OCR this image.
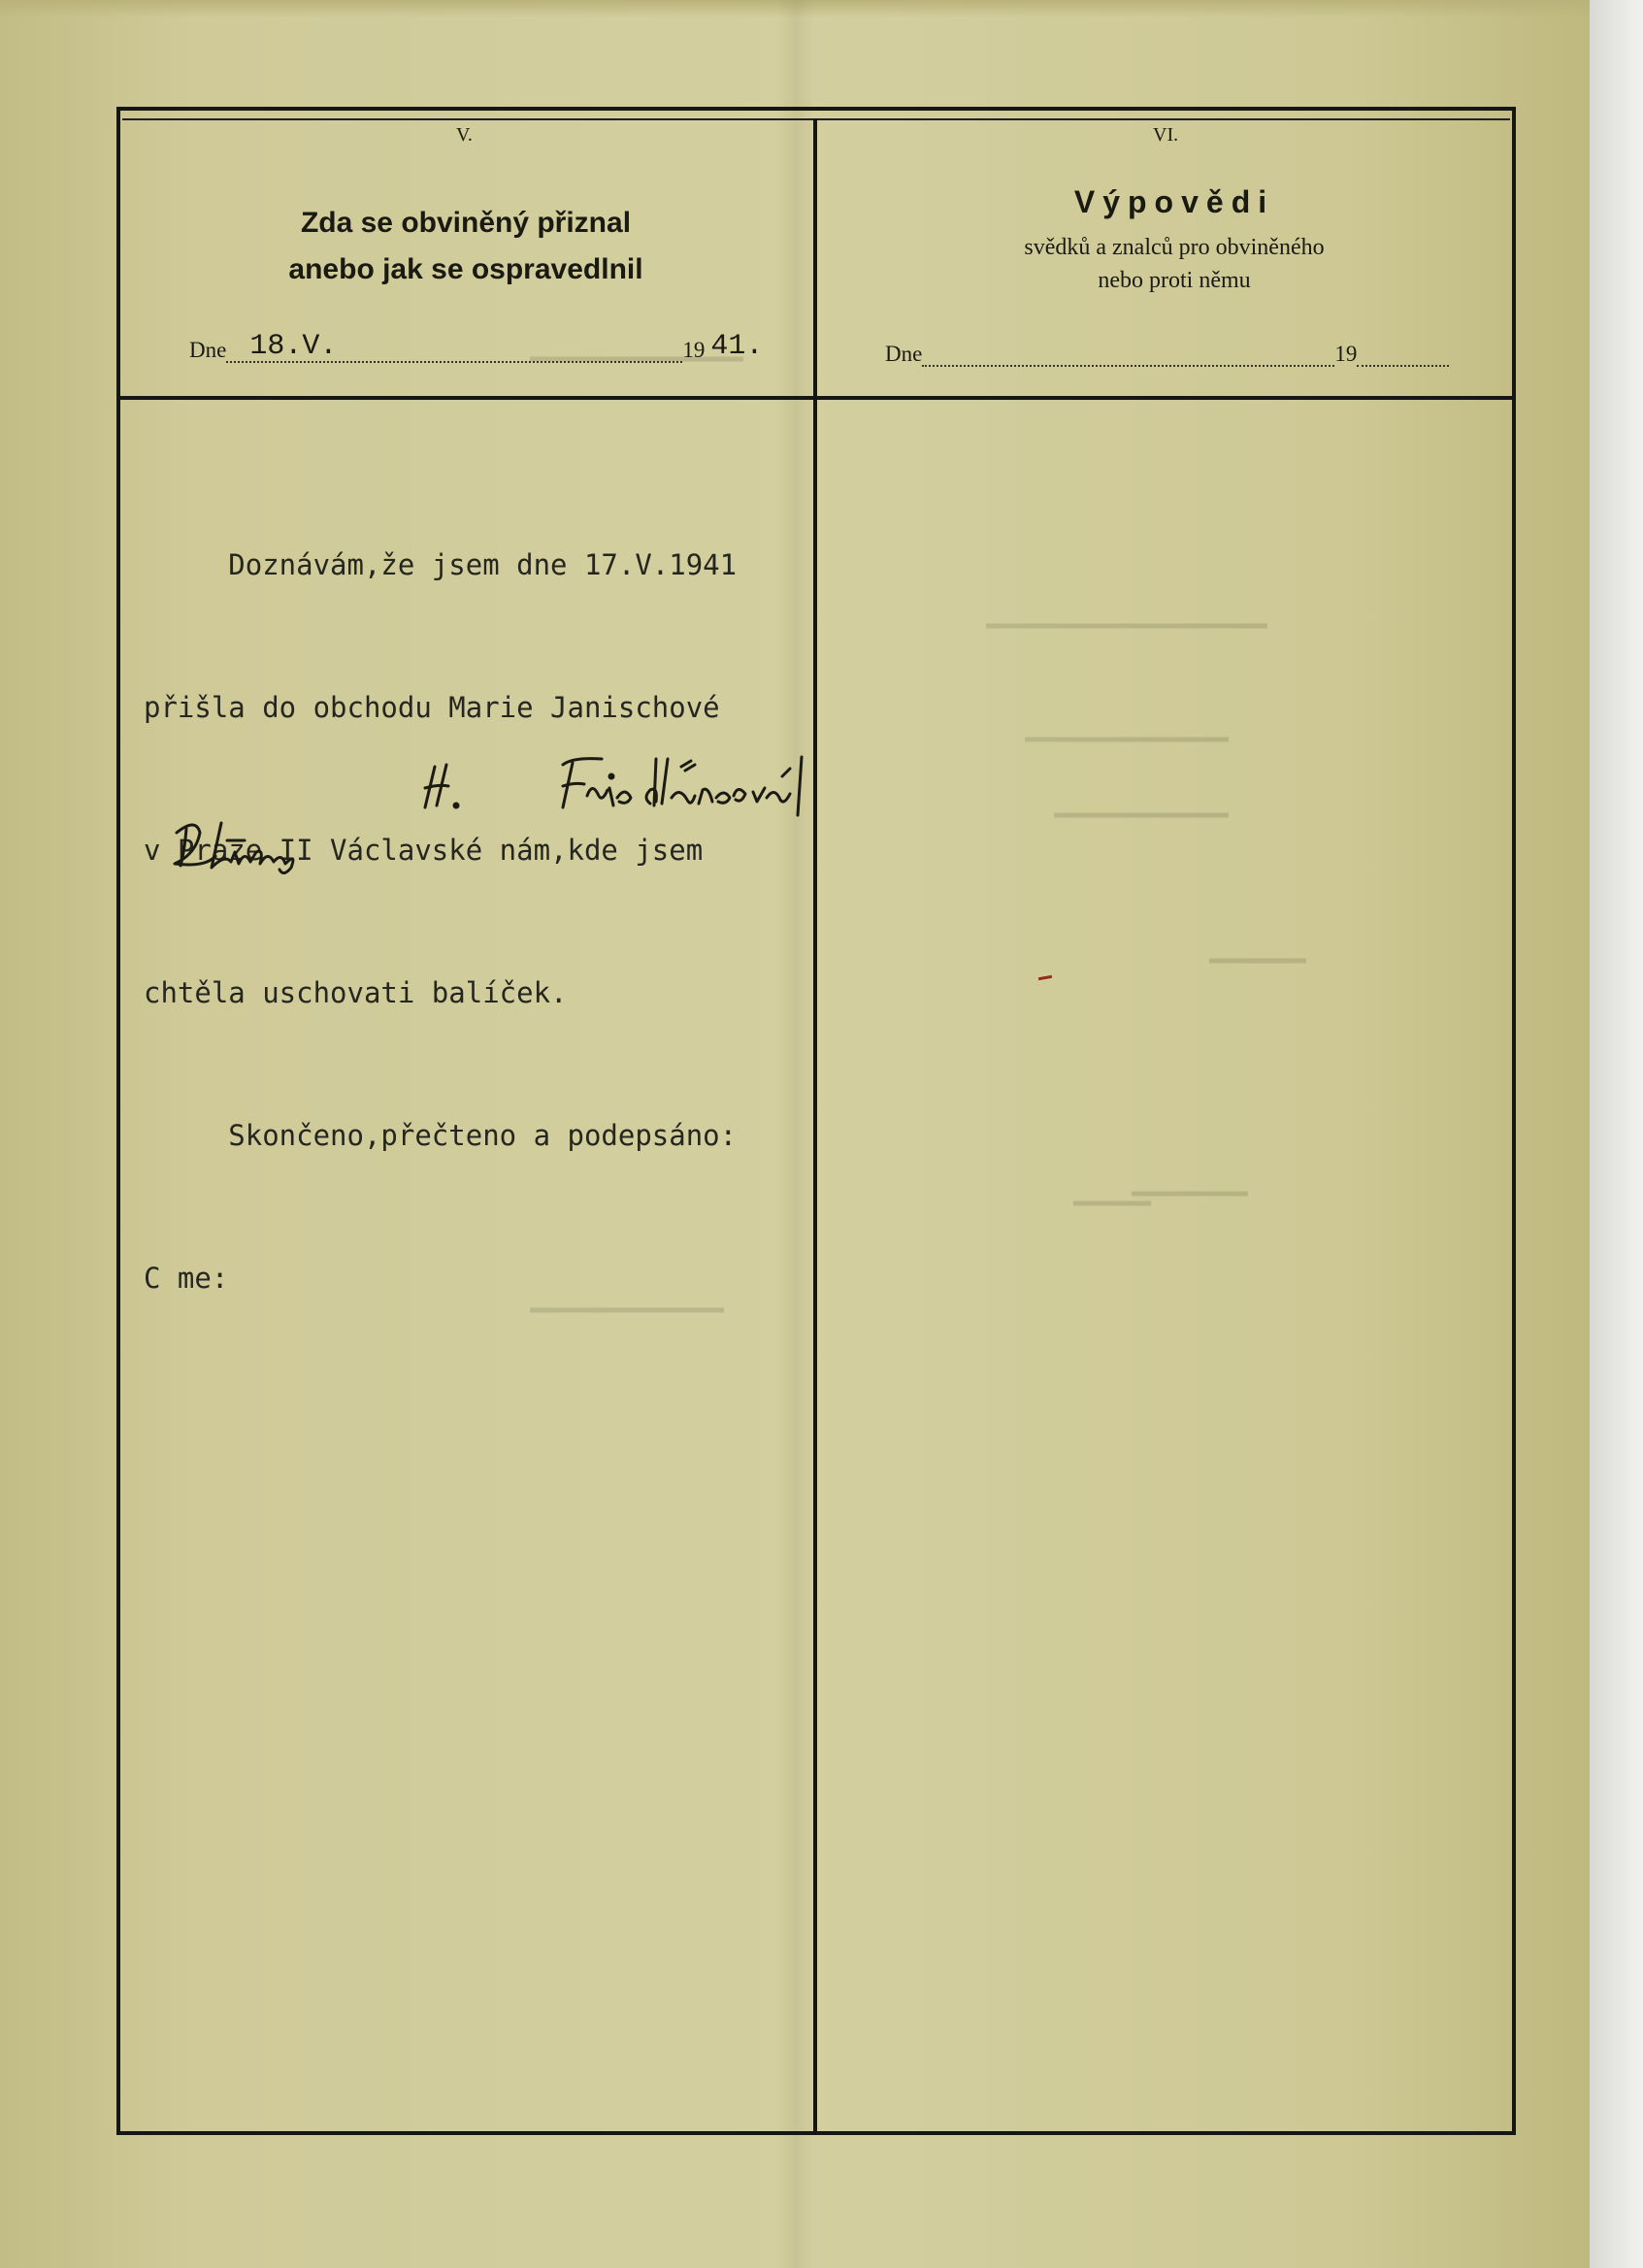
V.
Zda se obviněný přiznal
anebo jak se ospravedlnil
Dne 18.V.	19 41.
VI.
Výpovědi
svědků a znalců pro obviněného
nebo proti němu
Dne	19

Doznávám,že jsem dne 17.V.1941

přišla do obchodu Marie Janischové

v Praze II Václavské nám,kde jsem

chtěla uschovati balíček.

Skončeno,přečteno a podepsáno:

C me:
